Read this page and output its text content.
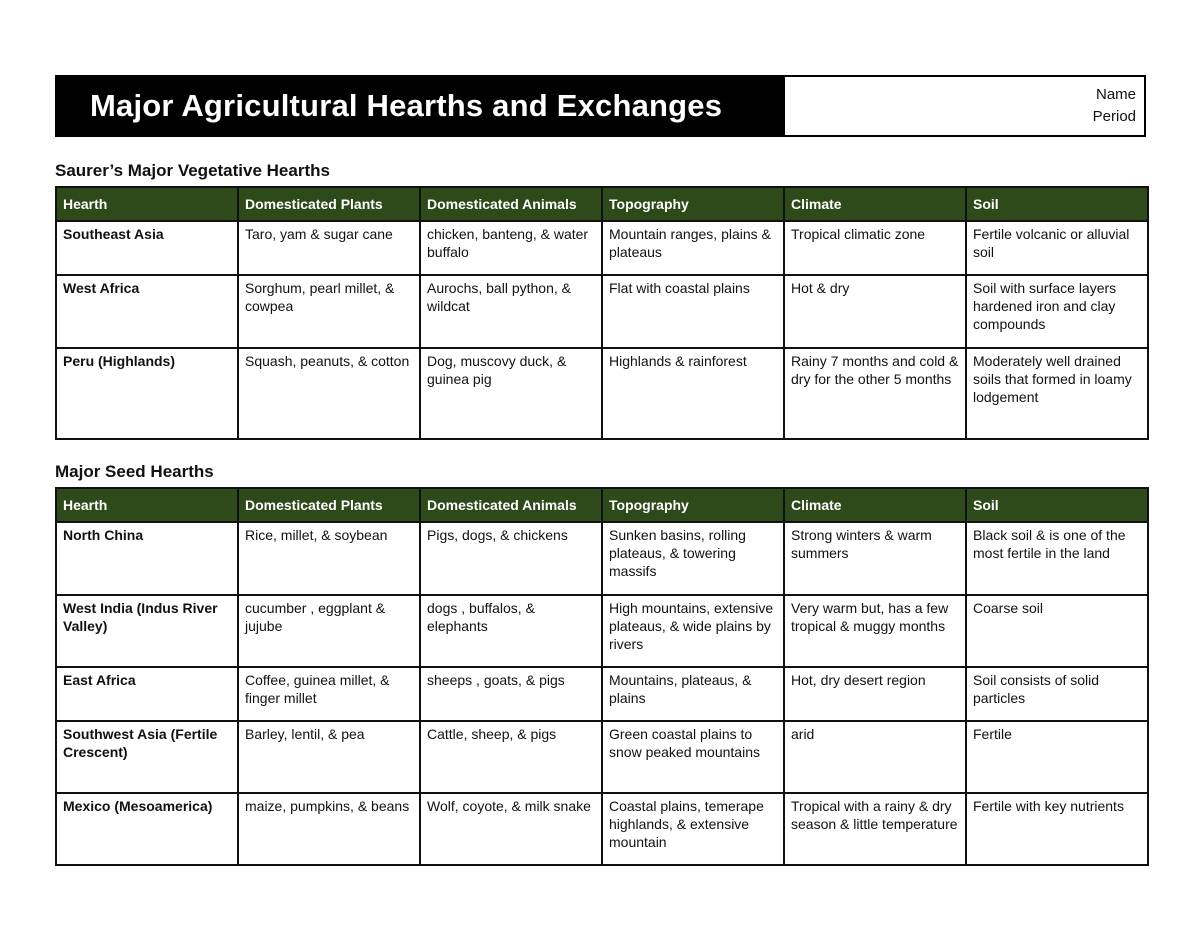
Major Agricultural Hearths and Exchanges	Name
Period
Saurer’s Major Vegetative Hearths
Hearth	Domesticated Plants	Domesticated Animals	Topography	Climate	Soil
Southeast Asia	Taro, yam & sugar cane	chicken, banteng, & water buffalo	Mountain ranges, plains & plateaus	Tropical climatic zone	Fertile volcanic or alluvial soil
West Africa	Sorghum, pearl millet, & cowpea	Aurochs, ball python, & wildcat	Flat with coastal plains	Hot & dry	Soil with surface layers hardened iron and clay compounds
Peru (Highlands)	Squash, peanuts, & cotton	Dog, muscovy duck, & guinea pig	Highlands & rainforest	Rainy 7 months and cold & dry for the other 5 months	Moderately well drained soils that formed in loamy lodgement
Major Seed Hearths
Hearth	Domesticated Plants	Domesticated Animals	Topography	Climate	Soil
North China	Rice, millet, & soybean	Pigs, dogs, & chickens	Sunken basins, rolling plateaus, & towering massifs	Strong winters & warm summers	Black soil & is one of the most fertile in the land
West India (Indus River Valley)	cucumber , eggplant & jujube	dogs , buffalos, & elephants	High mountains, extensive plateaus, & wide plains by rivers	Very warm but, has a few tropical & muggy months	Coarse soil
East Africa	Coffee, guinea millet, & finger millet	sheeps , goats, & pigs	Mountains, plateaus, & plains	Hot, dry desert region	Soil consists of solid particles
Southwest Asia (Fertile Crescent)	Barley, lentil, & pea	Cattle, sheep, & pigs	Green coastal plains to snow peaked mountains	arid	Fertile
Mexico (Mesoamerica)	maize, pumpkins, & beans	Wolf, coyote, & milk snake	Coastal plains, temerape highlands, & extensive mountain	Tropical with a rainy & dry season & little temperature	Fertile with key nutrients
